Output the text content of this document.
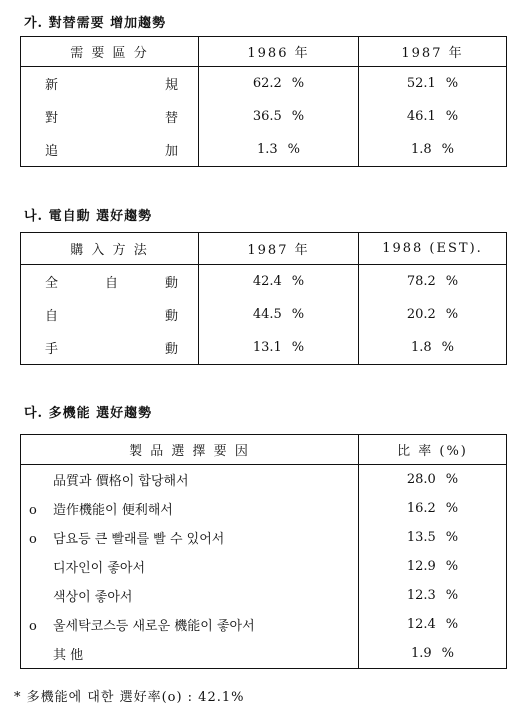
가. 對替需要 增加趨勢
需 要 區 分	1986 年	1987 年

新 規	62.2 %	52.1 %

對 替	36.5 %	46.1 %

追 加	1.3 %	1.8 %
나. 電自動 選好趨勢
購 入 方 法	1987 年	1988 (EST).

全 自 動	42.4 %	78.2 %

自 動	44.5 %	20.2 %

手 動	13.1 %	1.8 %
다. 多機能 選好趨勢
製 品 選 擇 要 因	比 率 (%)
品質과 價格이 합당해서	28.0 %
o 造作機能이 便利해서	16.2 %
o 담요등 큰 빨래를 빨 수 있어서	13.5 %
디자인이 좋아서	12.9 %
색상이 좋아서	12.3 %
o 울세탁코스등 새로운 機能이 좋아서	12.4 %
其 他	1.9 %
* 多機能에 대한 選好率(o) : 42.1%
